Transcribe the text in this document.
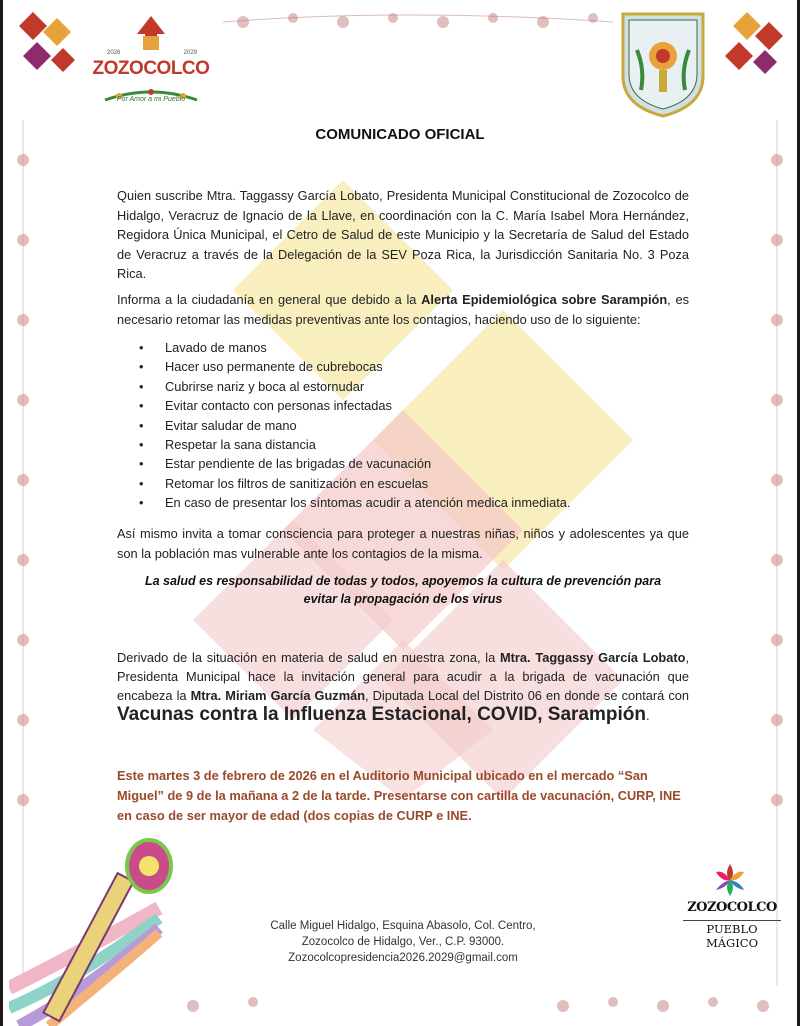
2026	2029
ZOZOCOLCO
Por Amor a mi Pueblo
COMUNICADO OFICIAL
Quien suscribe Mtra. Taggassy García Lobato, Presidenta Municipal Constitucional de Zozocolco de Hidalgo, Veracruz de Ignacio de la Llave, en coordinación con la C. María Isabel Mora Hernández, Regidora Única Municipal, el Cetro de Salud de este Municipio y la Secretaría de Salud del Estado de Veracruz a través de la Delegación de la SEV Poza Rica, la Jurisdicción Sanitaria No. 3 Poza Rica.
Informa a la ciudadanía en general que debido a la Alerta Epidemiológica sobre Sarampión, es necesario retomar las medidas preventivas ante los contagios, haciendo uso de lo siguiente:
• Lavado de manos
• Hacer uso permanente de cubrebocas
• Cubrirse nariz y boca al estornudar
• Evitar contacto con personas infectadas
• Evitar saludar de mano
• Respetar la sana distancia
• Estar pendiente de las brigadas de vacunación
• Retomar los filtros de sanitización en escuelas
• En caso de presentar los síntomas acudir a atención medica inmediata.
Así mismo invita a tomar consciencia para proteger a nuestras niñas, niños y adolescentes ya que son la población mas vulnerable ante los contagios de la misma.
La salud es responsabilidad de todas y todos, apoyemos la cultura de prevención para evitar la propagación de los virus
Derivado de la situación en materia de salud en nuestra zona, la Mtra. Taggassy García Lobato, Presidenta Municipal hace la invitación general para acudir a la brigada de vacunación que encabeza la Mtra. Miriam García Guzmán, Diputada Local del Distrito 06 en donde se contará con Vacunas contra la Influenza Estacional, COVID, Sarampión.
Este martes 3 de febrero de 2026 en el Auditorio Municipal ubicado en el mercado “San Miguel” de 9 de la mañana a 2 de la tarde. Presentarse con cartilla de vacunación, CURP, INE en caso de ser mayor de edad (dos copias de CURP e INE.
Calle Miguel Hidalgo, Esquina Abasolo, Col. Centro,
Zozocolco de Hidalgo, Ver., C.P. 93000.
Zozocolcopresidencia2026.2029@gmail.com
ZOZOCOLCO
PUEBLO MÁGICO
